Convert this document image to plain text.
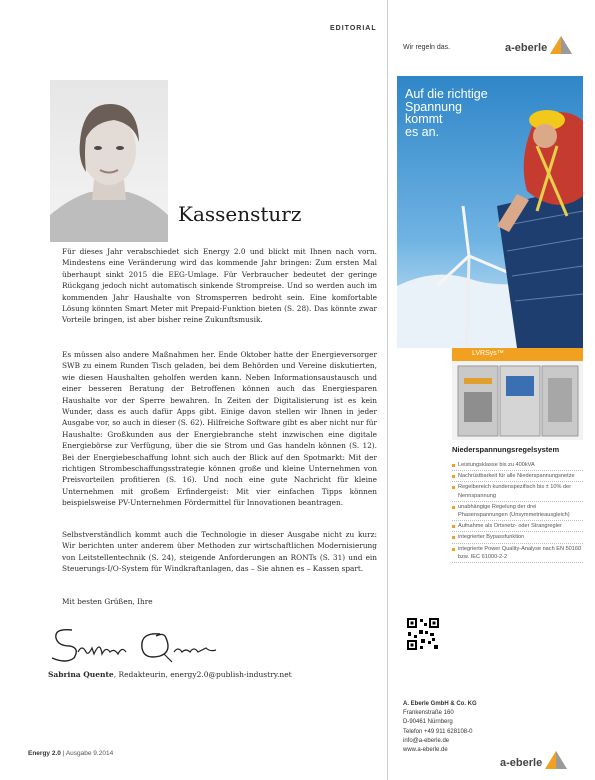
EDITORIAL
Kassensturz

Für dieses Jahr verabschiedet sich Energy 2.0 und blickt mit Ihnen nach vorn. Mindestens eine Veränderung wird das kommende Jahr bringen: Zum ersten Mal überhaupt sinkt 2015 die EEG-Umlage. Für Verbraucher bedeutet der geringe Rückgang jedoch nicht automatisch sinkende Strompreise. Und so werden auch im kommenden Jahr Haushalte von Stromsperren bedroht sein. Eine komfortable Lösung könnten Smart Meter mit Prepaid-Funktion bieten (S. 28). Das könnte zwar Vorteile bringen, ist aber bisher reine Zukunftsmusik.

Es müssen also andere Maßnahmen her. Ende Oktober hatte der Energieversorger SWB zu einem Runden Tisch geladen, bei dem Behörden und Vereine diskutierten, wie diesen Haushalten geholfen werden kann. Neben Informationsaustausch und einer besseren Beratung der Betroffenen können auch das Energiesparen Haushalte vor der Sperre bewahren. In Zeiten der Digitalisierung ist es kein Wunder, dass es auch dafür Apps gibt. Einige davon stellen wir Ihnen in jeder Ausgabe vor, so auch in dieser (S. 62). Hilfreiche Software gibt es aber nicht nur für Haushalte: Großkunden aus der Energiebranche steht inzwischen eine digitale Energiebörse zur Verfügung, über die sie Strom und Gas handeln können (S. 12). Bei der Energiebeschaffung lohnt sich auch der Blick auf den Spotmarkt: Mit der richtigen Strombeschaffungsstrategie können große und kleine Unternehmen von Preisvorteilen profitieren (S. 16). Und noch eine gute Nachricht für kleine Unternehmen mit großem Erfindergeist: Mit vier einfachen Tipps können beispielsweise PV-Unternehmen Fördermittel für Innovationen beantragen.

Selbstverständlich kommt auch die Technologie in dieser Ausgabe nicht zu kurz: Wir berichten unter anderem über Methoden zur wirtschaftlichen Modernisierung von Leitstellentechnik (S. 24), steigende Anforderungen an RONTs (S. 31) und ein Steuerungs-I/O-System für Windkraftanlagen, das – Sie ahnen es – Kassen spart.

Mit besten Grüßen, Ihre
Sabrina Quente, Redakteurin, energy2.0@publish-industry.net
Energy 2.0 | Ausgabe 9.2014
Wir regeln das.	a-eberle
Auf die richtige
Spannung
kommt
es an.
LVRSys™
Niederspannungsregelsystem
Leistungsklasse bis zu 400kVA
Nachrüstbarkeit für alle Niederspannungsnetze
Regelbereich kundenspezifisch bis ± 10% der Nennspannung
unabhängige Regelung der drei Phasenspannungen (Unsymmetrieausgleich)
Aufnahme als Ortsnetz- oder Strangregler
integrierter Bypassfunktion
integrierte Power Quality-Analyse nach EN 50160 bzw. IEC 61000-2-2
A. Eberle GmbH & Co. KG
Frankenstraße 160
D-90461 Nürnberg
Telefon +49 911 628108-0
info@a-eberle.de
www.a-eberle.de
a-eberle
